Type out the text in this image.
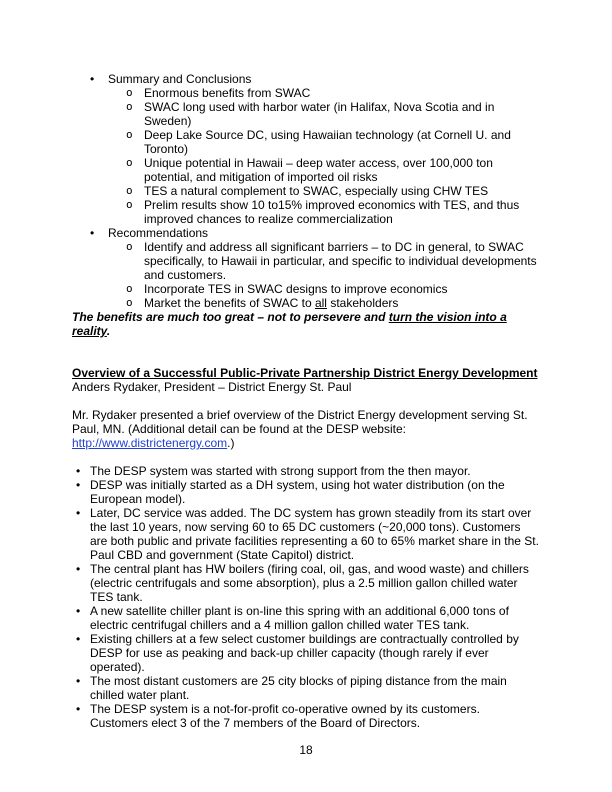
• Summary and Conclusions
o Enormous benefits from SWAC
o SWAC long used with harbor water (in Halifax, Nova Scotia and in Sweden)
o Deep Lake Source DC, using Hawaiian technology (at Cornell U. and Toronto)
o Unique potential in Hawaii – deep water access, over 100,000 ton potential, and mitigation of imported oil risks
o TES a natural complement to SWAC, especially using CHW TES
o Prelim results show 10 to15% improved economics with TES, and thus improved chances to realize commercialization
• Recommendations
o Identify and address all significant barriers – to DC in general, to SWAC specifically, to Hawaii in particular, and specific to individual developments and customers.
o Incorporate TES in SWAC designs to improve economics
o Market the benefits of SWAC to all stakeholders
The benefits are much too great – not to persevere and turn the vision into a reality.
Overview of a Successful Public-Private Partnership District Energy Development
Anders Rydaker, President – District Energy St. Paul
Mr. Rydaker presented a brief overview of the District Energy development serving St. Paul, MN. (Additional detail can be found at the DESP website: http://www.districtenergy.com.)
• The DESP system was started with strong support from the then mayor.
• DESP was initially started as a DH system, using hot water distribution (on the European model).
• Later, DC service was added. The DC system has grown steadily from its start over the last 10 years, now serving 60 to 65 DC customers (~20,000 tons). Customers are both public and private facilities representing a 60 to 65% market share in the St. Paul CBD and government (State Capitol) district.
• The central plant has HW boilers (firing coal, oil, gas, and wood waste) and chillers (electric centrifugals and some absorption), plus a 2.5 million gallon chilled water TES tank.
• A new satellite chiller plant is on-line this spring with an additional 6,000 tons of electric centrifugal chillers and a 4 million gallon chilled water TES tank.
• Existing chillers at a few select customer buildings are contractually controlled by DESP for use as peaking and back-up chiller capacity (though rarely if ever operated).
• The most distant customers are 25 city blocks of piping distance from the main chilled water plant.
• The DESP system is a not-for-profit co-operative owned by its customers. Customers elect 3 of the 7 members of the Board of Directors.
18
